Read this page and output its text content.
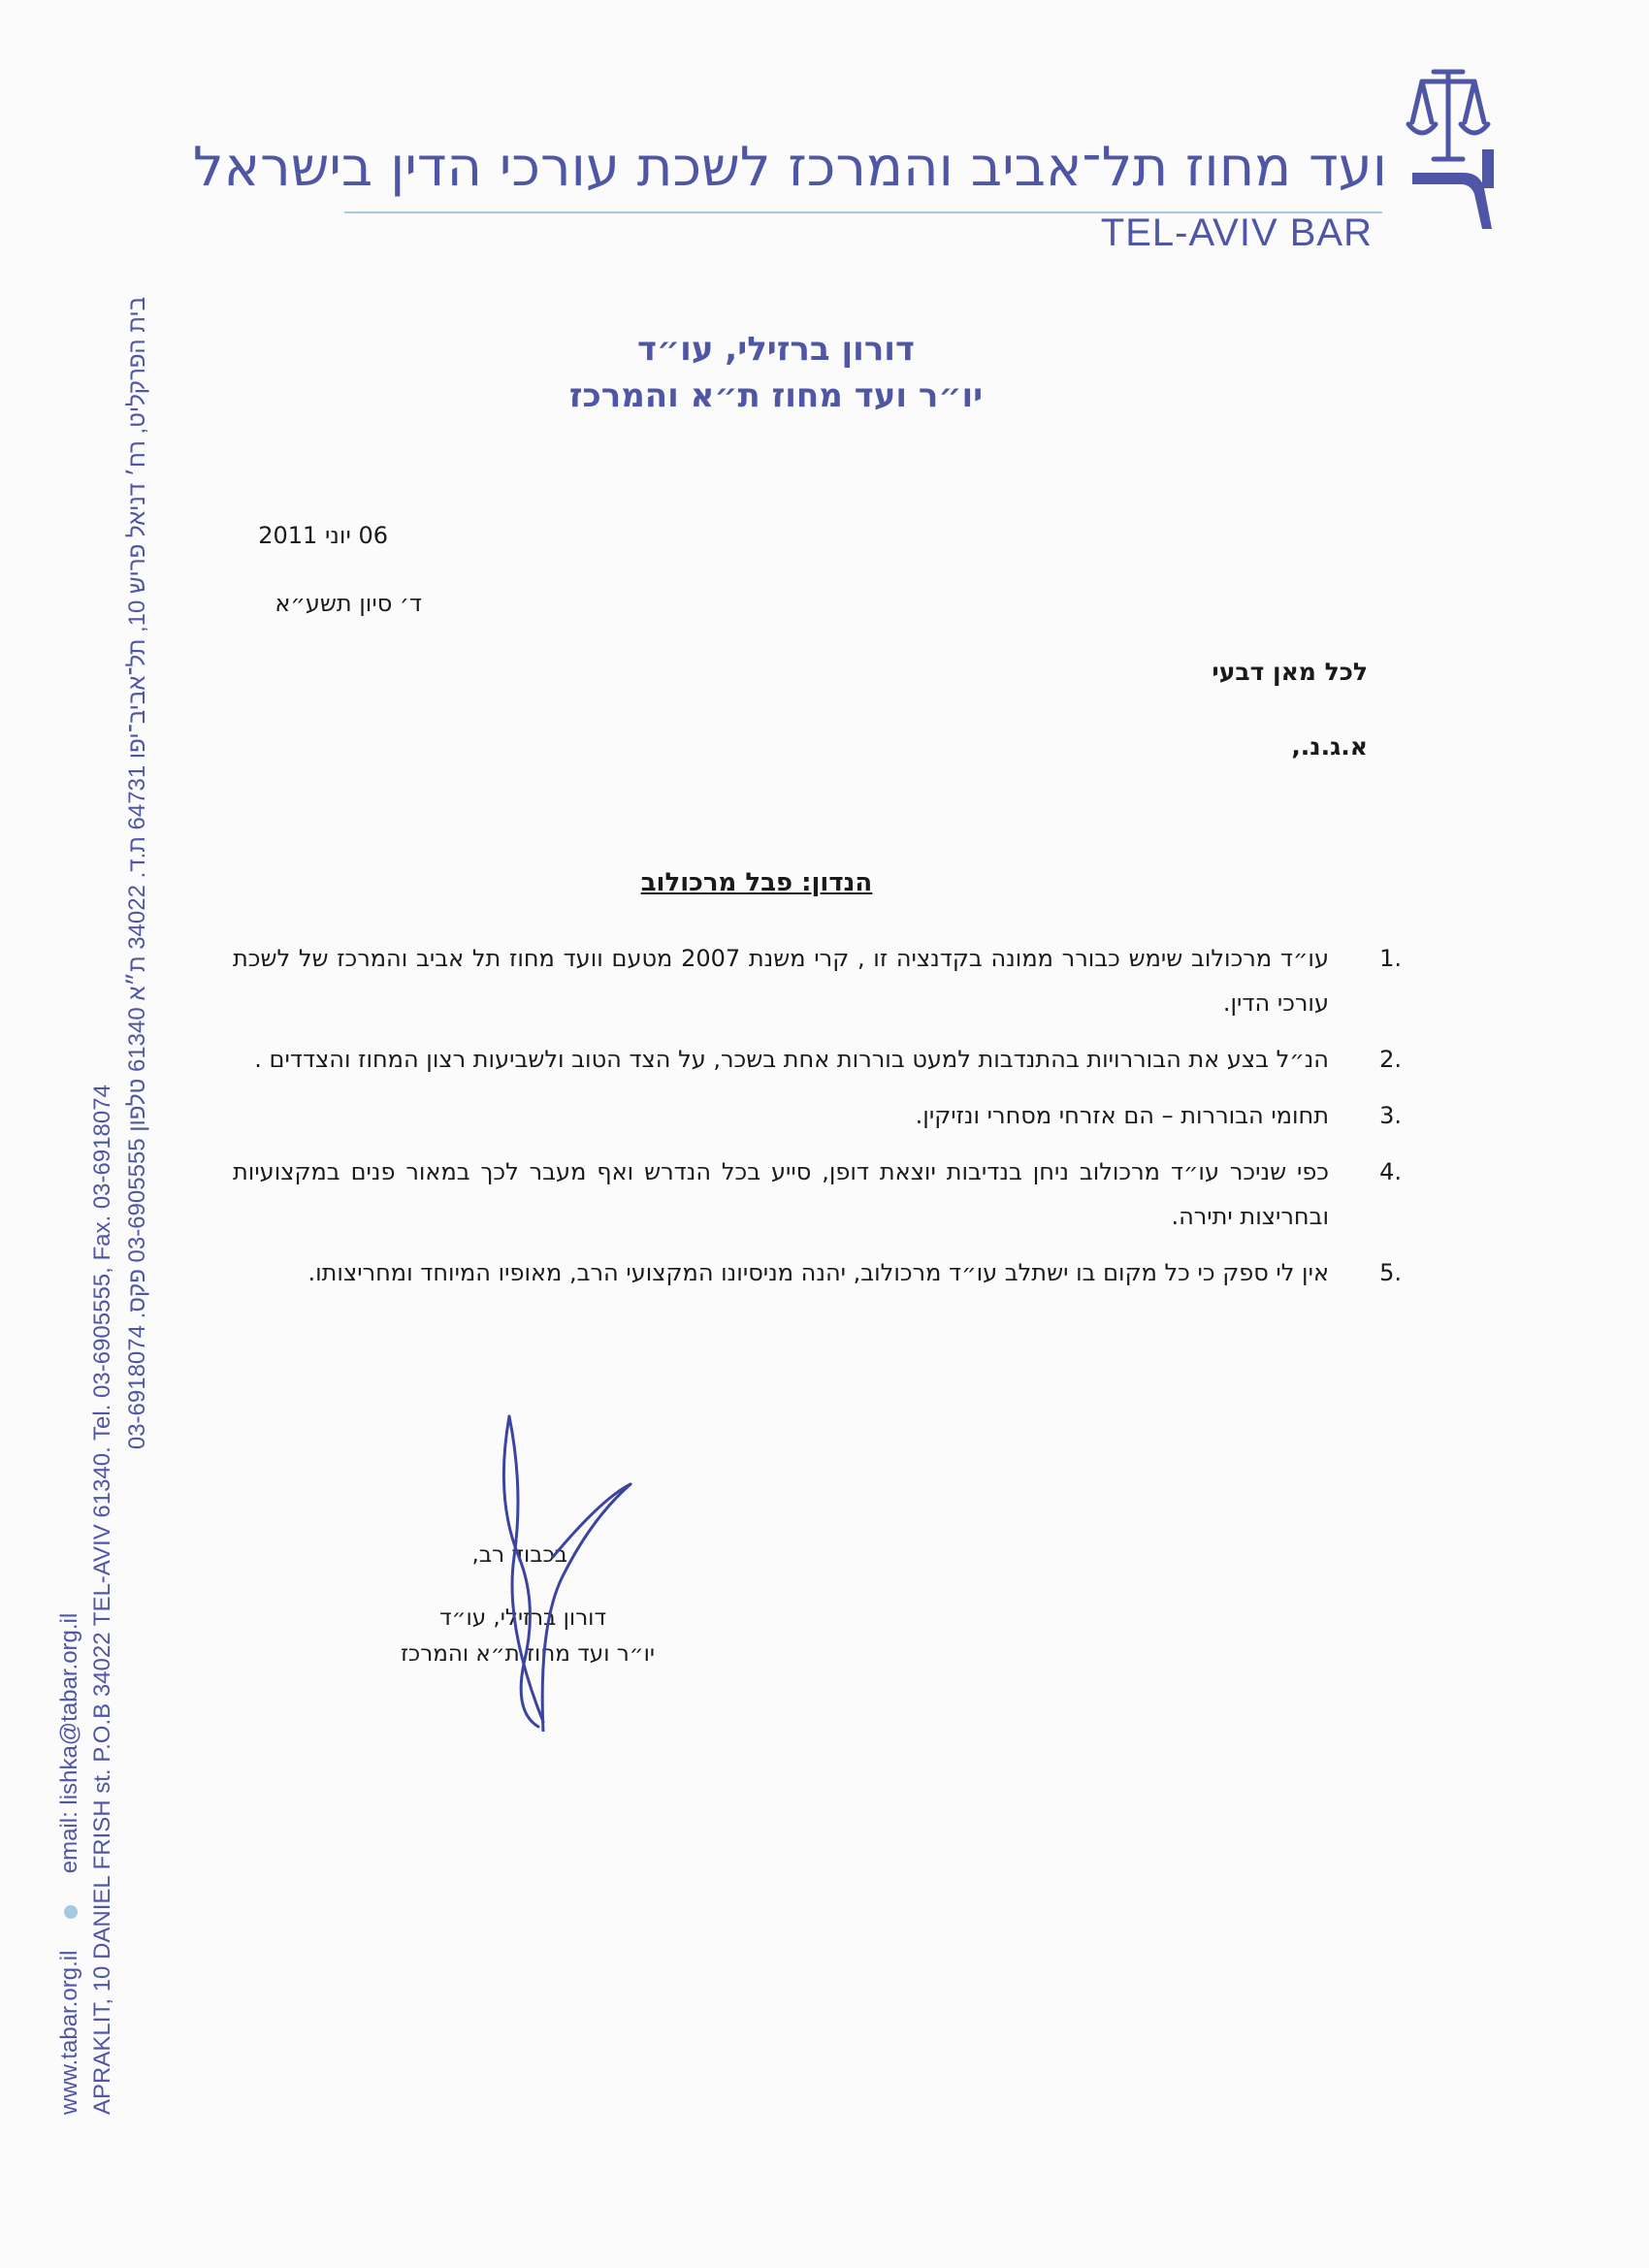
ועד מחוז תל־אביב והמרכז לשכת עורכי הדין בישראל
TEL-AVIV BAR
דורון ברזילי, עו״ד
יו״ר ועד מחוז ת״א והמרכז
06 יוני 2011
ד׳ סיון תשע״א
לכל מאן דבעי
א.ג.נ.,
הנדון: פבל מרכולוב
1.
עו״ד מרכולוב שימש כבורר ממונה בקדנציה זו , קרי משנת 2007 מטעם וועד מחוז תל אביב והמרכז של לשכת עורכי הדין.
2.
הנ״ל בצע את הבוררויות בהתנדבות למעט בוררות אחת בשכר, על הצד הטוב ולשביעות רצון המחוז והצדדים .
3.
תחומי הבוררות – הם אזרחי מסחרי ונזיקין.
4.
כפי שניכר עו״ד מרכולוב ניחן בנדיבות יוצאת דופן, סייע בכל הנדרש ואף מעבר לכך במאור פנים במקצועיות ובחריצות יתירה.
5.
אין לי ספק כי כל מקום בו ישתלב עו״ד מרכולוב, יהנה מניסיונו המקצועי הרב, מאופיו המיוחד ומחריצותו.
בכבוד רב,
דורון ברזילי, עו״ד
יו״ר ועד מחוז ת״א והמרכז
www.tabar.org.il  email: lishka@tabar.org.il APRAKLIT, 10 DANIEL FRISH st. P.O.B 34022 TEL-AVIV 61340. Tel. 03-6905555, Fax. 03-6918074 בית הפרקליט, רח׳ דניאל פריש 10, תל־אביב־יפו 64731 ת.ד. 34022 ת״א 61340 טלפון 03-6905555 פקס. 03-6918074
